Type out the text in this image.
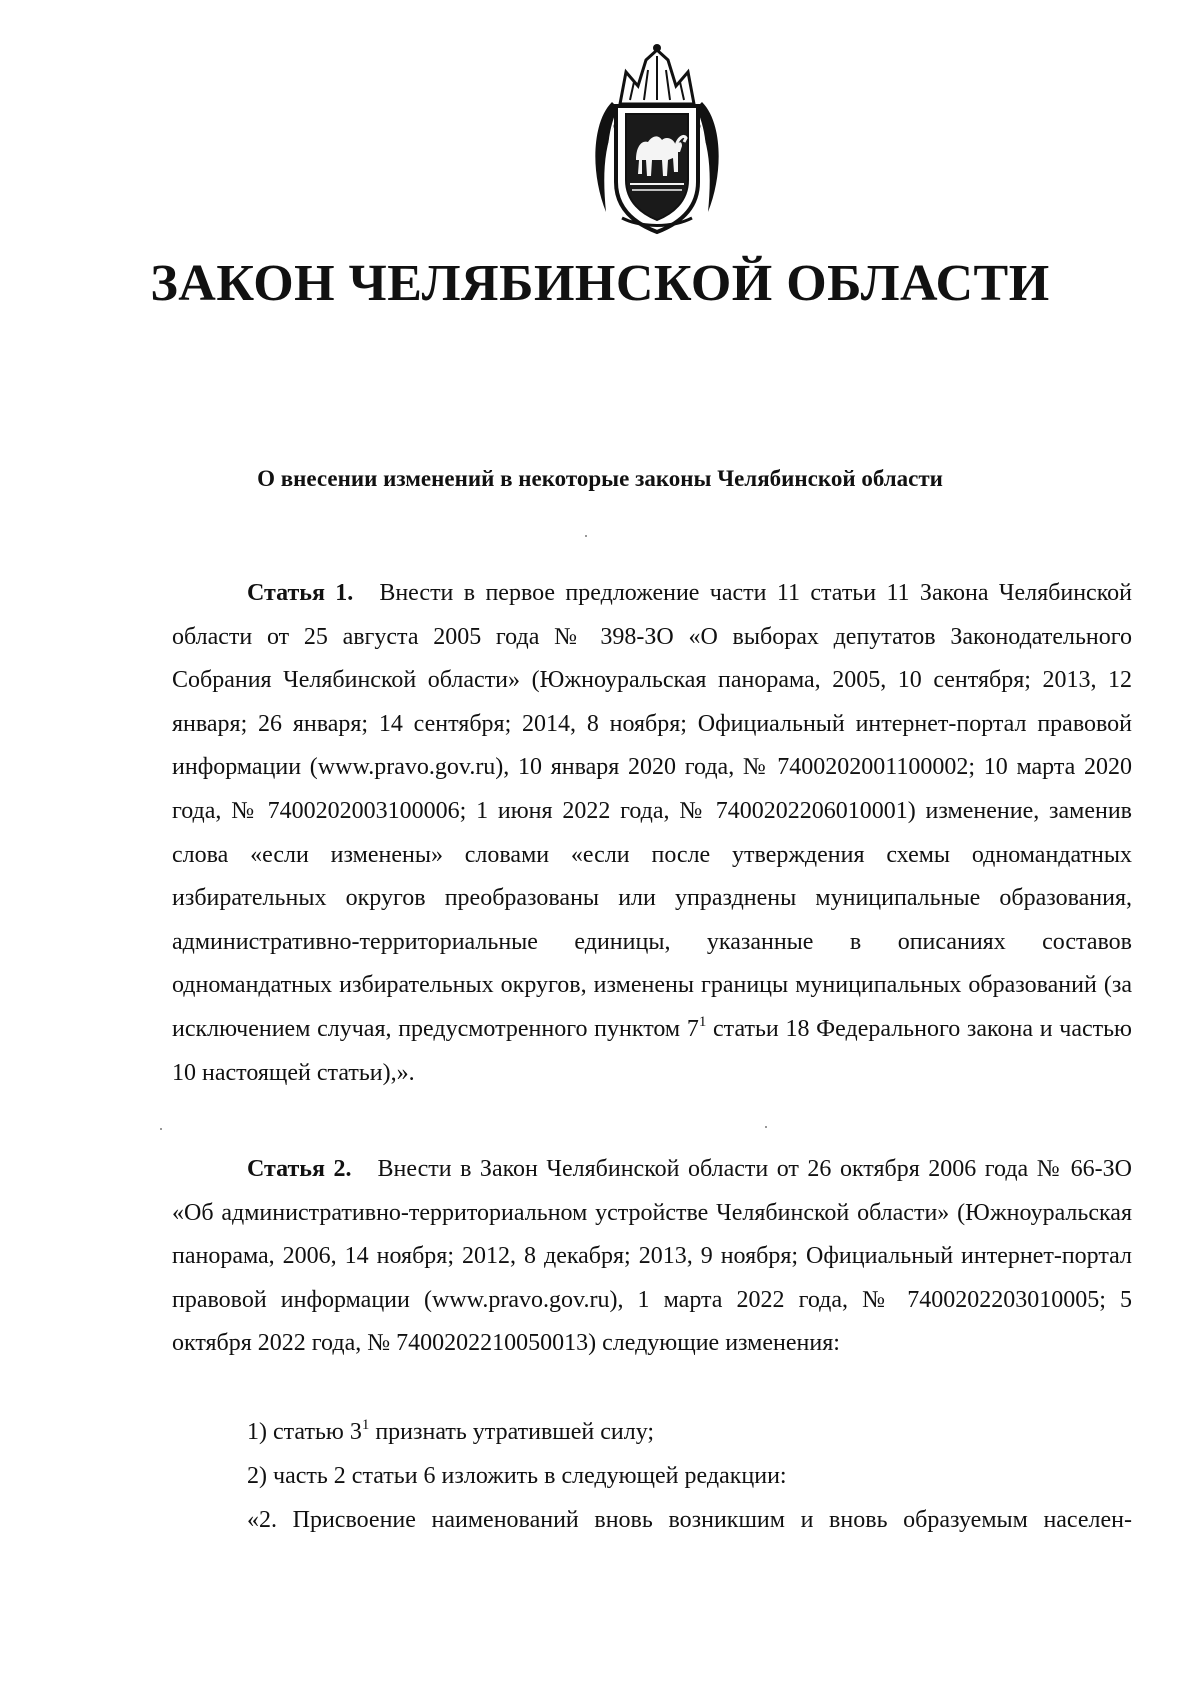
ЗАКОН ЧЕЛЯБИНСКОЙ ОБЛАСТИ
О внесении изменений в некоторые законы Челябинской области

Статья 1. Внести в первое предложение части 11 статьи 11 Закона Челябинской области от 25 августа 2005 года № 398-ЗО «О выборах депутатов Законодательного Собрания Челябинской области» (Южноуральская панорама, 2005, 10 сентября; 2013, 12 января; 26 января; 14 сентября; 2014, 8 ноября; Официальный интернет-портал правовой информации (www.pravo.gov.ru), 10 января 2020 года, № 7400202001100002; 10 марта 2020 года, № 7400202003100006; 1 июня 2022 года, № 7400202206010001) изменение, заменив слова «если изменены» словами «если после утверждения схемы одномандатных избирательных округов преобразованы или упразднены муниципальные образования, административно-территориальные единицы, указанные в описаниях составов одномандатных избирательных округов, изменены границы муниципальных образований (за исключением случая, предусмотренного пунктом $7^1$ статьи 18 Федерального закона и частью 10 настоящей статьи),».

Статья 2. Внести в Закон Челябинской области от 26 октября 2006 года № 66-ЗО «Об административно-территориальном устройстве Челябинской области» (Южноуральская панорама, 2006, 14 ноября; 2012, 8 декабря; 2013, 9 ноября; Официальный интернет-портал правовой информации (www.pravo.gov.ru), 1 марта 2022 года, № 7400202203010005; 5 октября 2022 года, № 7400202210050013) следующие изменения:

1) статью $3^1$ признать утратившей силу;

2) часть 2 статьи 6 изложить в следующей редакции:

«2. Присвоение наименований вновь возникшим и вновь образуемым населен-
